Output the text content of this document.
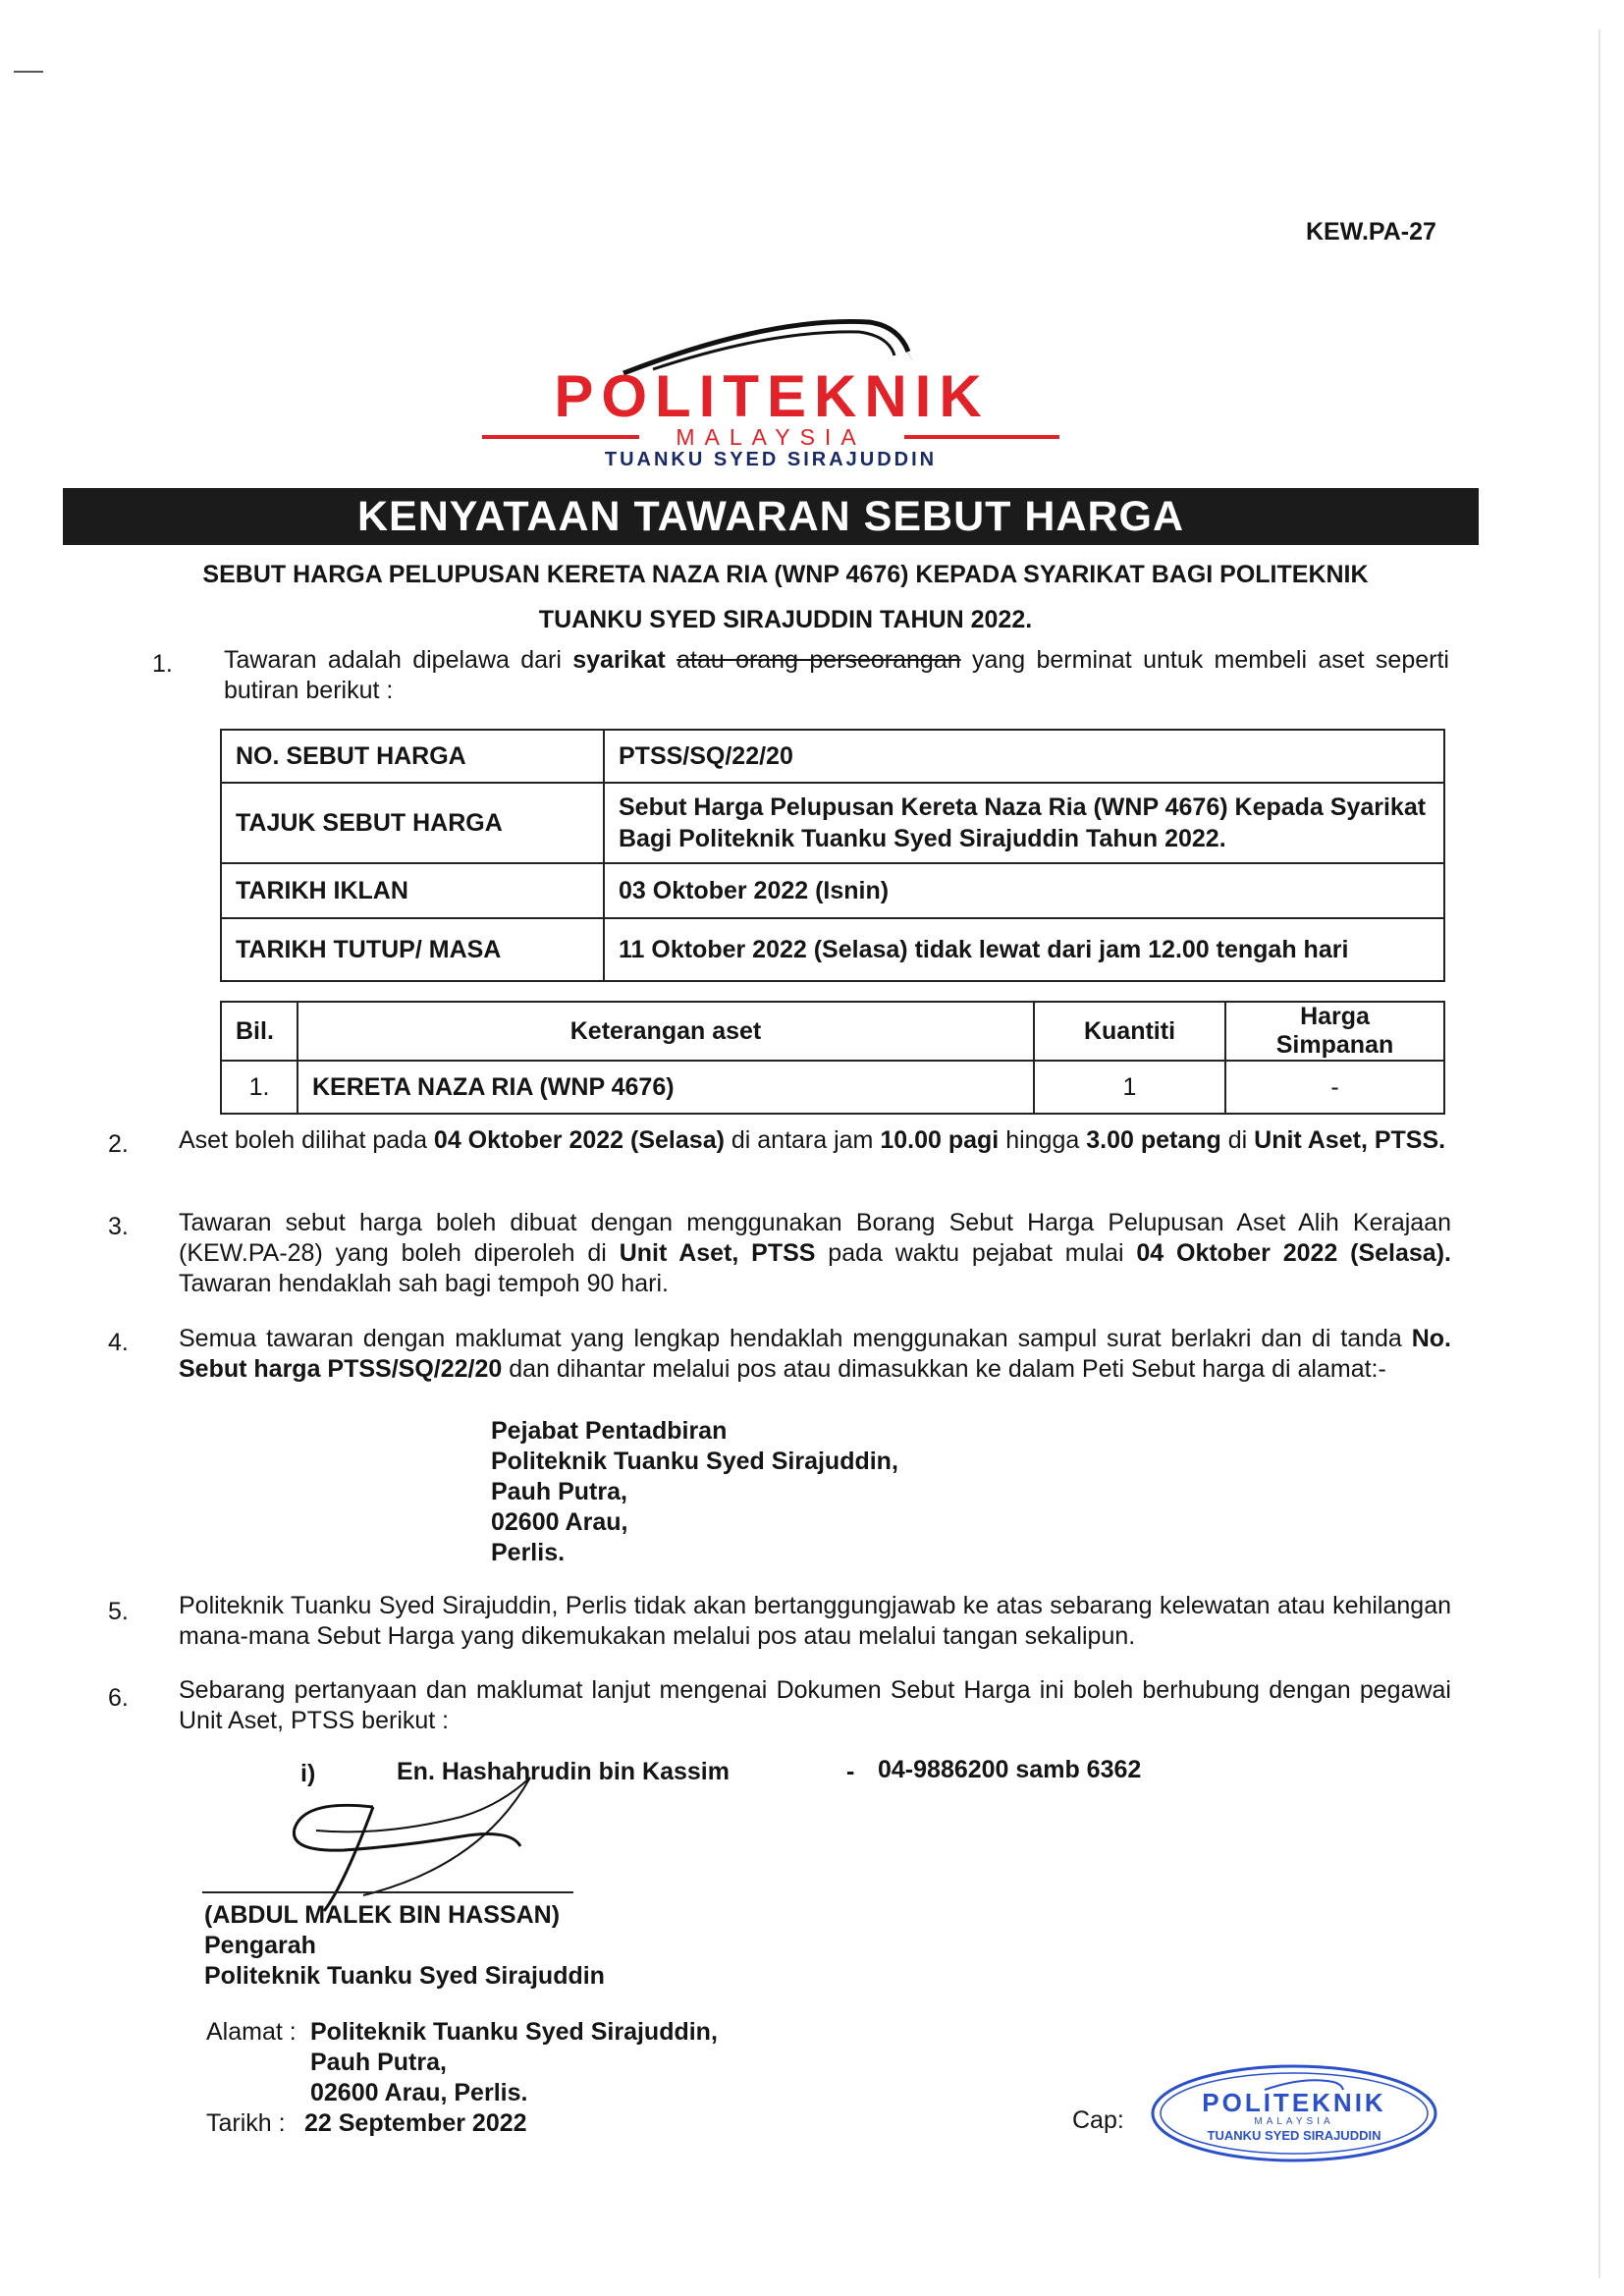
KEW.PA-27
POLITEKNIK
MALAYSIA
TUANKU SYED SIRAJUDDIN
KENYATAAN TAWARAN SEBUT HARGA
SEBUT HARGA PELUPUSAN KERETA NAZA RIA (WNP 4676) KEPADA SYARIKAT BAGI POLITEKNIK
TUANKU SYED SIRAJUDDIN TAHUN 2022.
1. Tawaran adalah dipelawa dari syarikat atau orang perseorangan yang berminat untuk membeli aset seperti butiran berikut :
NO. SEBUT HARGA	PTSS/SQ/22/20
TAJUK SEBUT HARGA	Sebut Harga Pelupusan Kereta Naza Ria (WNP 4676) Kepada Syarikat Bagi Politeknik Tuanku Syed Sirajuddin Tahun 2022.
TARIKH IKLAN	03 Oktober 2022 (Isnin)
TARIKH TUTUP/ MASA	11 Oktober 2022 (Selasa) tidak lewat dari jam 12.00 tengah hari
Bil.	Keterangan aset	Kuantiti	Harga Simpanan
1.	KERETA NAZA RIA (WNP 4676)	1	-
2. Aset boleh dilihat pada 04 Oktober 2022 (Selasa) di antara jam 10.00 pagi hingga 3.00 petang di Unit Aset, PTSS.
3. Tawaran sebut harga boleh dibuat dengan menggunakan Borang Sebut Harga Pelupusan Aset Alih Kerajaan (KEW.PA-28) yang boleh diperoleh di Unit Aset, PTSS pada waktu pejabat mulai 04 Oktober 2022 (Selasa). Tawaran hendaklah sah bagi tempoh 90 hari.
4. Semua tawaran dengan maklumat yang lengkap hendaklah menggunakan sampul surat berlakri dan di tanda No. Sebut harga PTSS/SQ/22/20 dan dihantar melalui pos atau dimasukkan ke dalam Peti Sebut harga di alamat:-
Pejabat Pentadbiran
Politeknik Tuanku Syed Sirajuddin,
Pauh Putra,
02600 Arau,
Perlis.
5. Politeknik Tuanku Syed Sirajuddin, Perlis tidak akan bertanggungjawab ke atas sebarang kelewatan atau kehilangan mana-mana Sebut Harga yang dikemukakan melalui pos atau melalui tangan sekalipun.
6. Sebarang pertanyaan dan maklumat lanjut mengenai Dokumen Sebut Harga ini boleh berhubung dengan pegawai Unit Aset, PTSS berikut :
i)	En. Hashahrudin bin Kassim	- 04-9886200 samb 6362
(ABDUL MALEK BIN HASSAN)
Pengarah
Politeknik Tuanku Syed Sirajuddin
Alamat : Politeknik Tuanku Syed Sirajuddin,
Pauh Putra,
02600 Arau, Perlis.
Tarikh : 22 September 2022	Cap:
POLITEKNIK
MALAYSIA
TUANKU SYED SIRAJUDDIN
